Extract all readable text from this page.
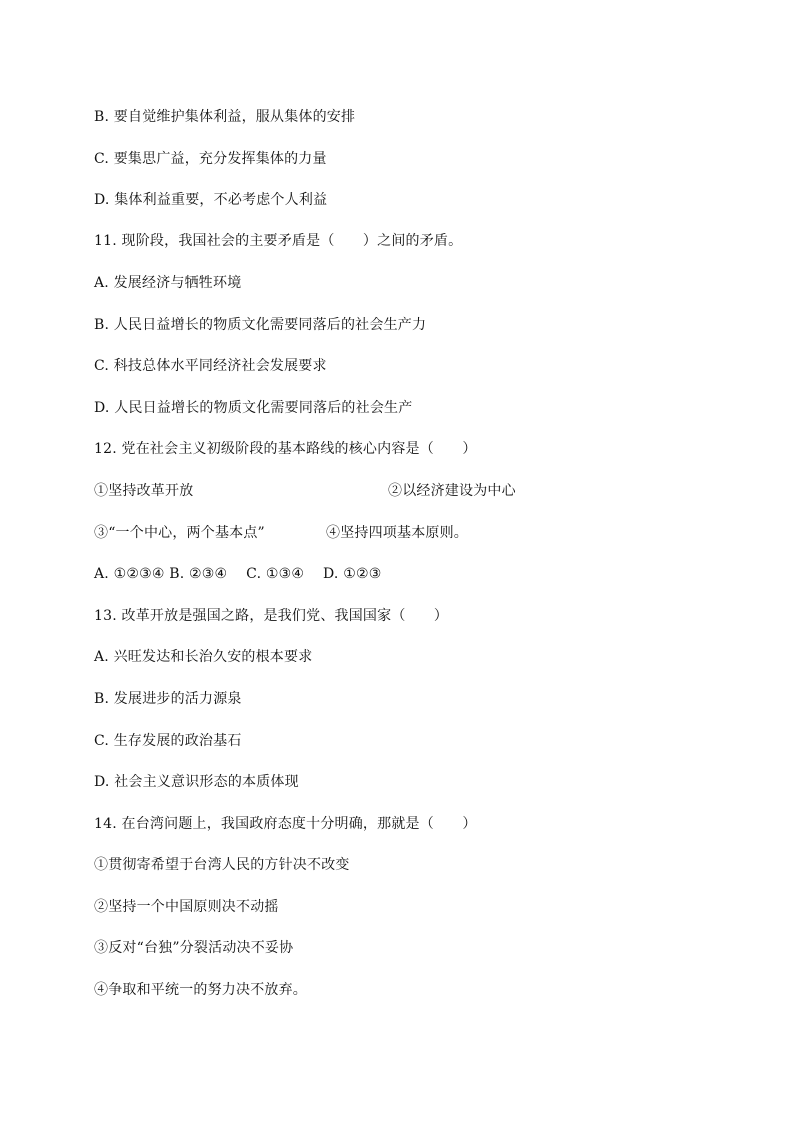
B. 要自觉维护集体利益，服从集体的安排
C. 要集思广益，充分发挥集体的力量
D. 集体利益重要，不必考虑个人利益
11. 现阶段，我国社会的主要矛盾是（　　）之间的矛盾。
A. 发展经济与牺牲环境
B. 人民日益增长的物质文化需要同落后的社会生产力
C. 科技总体水平同经济社会发展要求
D. 人民日益增长的物质文化需要同落后的社会生产
12. 党在社会主义初级阶段的基本路线的核心内容是（　　）
①坚持改革开放	②以经济建设为中心
③“一个中心，两个基本点”	④坚持四项基本原则。
A. ①②③④ B. ②③④　 C. ①③④　 D. ①②③
13. 改革开放是强国之路，是我们党、我国国家（　　）
A. 兴旺发达和长治久安的根本要求
B. 发展进步的活力源泉
C. 生存发展的政治基石
D. 社会主义意识形态的本质体现
14. 在台湾问题上，我国政府态度十分明确，那就是（　　）
①贯彻寄希望于台湾人民的方针决不改变
②坚持一个中国原则决不动摇
③反对“台独”分裂活动决不妥协
④争取和平统一的努力决不放弃。
